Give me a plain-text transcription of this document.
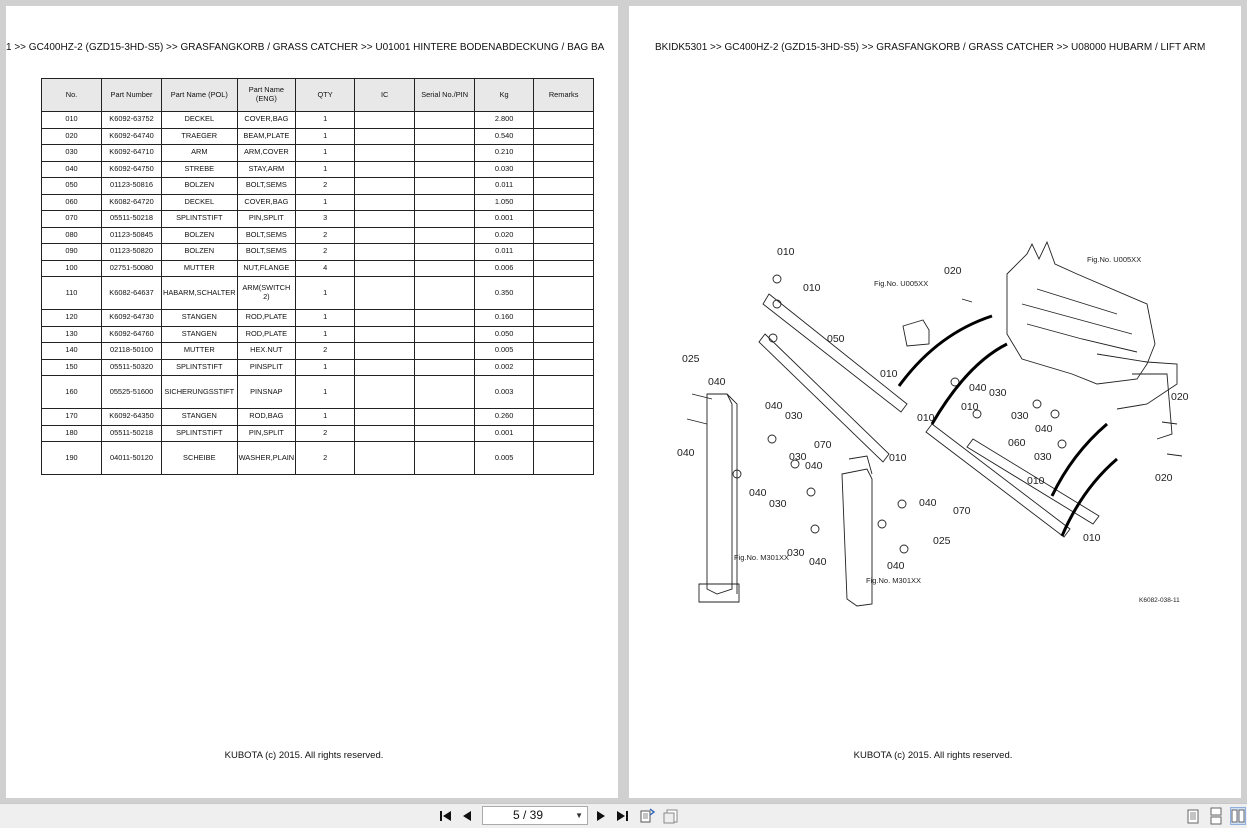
1 >> GC400HZ-2 (GZD15-3HD-S5) >> GRASFANGKORB / GRASS CATCHER >> U01001 HINTERE BODENABDECKUNG / BAG BA
No.	Part Number	Part Name (POL)	Part Name (ENG)	QTY	IC	Serial No./PIN	Kg	Remarks
010	K6092-63752	DECKEL	COVER,BAG	1			2.800	
020	K6092-64740	TRAEGER	BEAM,PLATE	1			0.540	
030	K6092-64710	ARM	ARM,COVER	1			0.210	
040	K6092-64750	STREBE	STAY,ARM	1			0.030	
050	01123-50816	BOLZEN	BOLT,SEMS	2			0.011	
060	K6082-64720	DECKEL	COVER,BAG	1			1.050	
070	05511-50218	SPLINTSTIFT	PIN,SPLIT	3			0.001	
080	01123-50845	BOLZEN	BOLT,SEMS	2			0.020	
090	01123-50820	BOLZEN	BOLT,SEMS	2			0.011	
100	02751-50080	MUTTER	NUT,FLANGE	4			0.006	
110	K6082-64637	HABARM,SCHALTER	ARM(SWITCH 2)	1			0.350	
120	K6092-64730	STANGEN	ROD,PLATE	1			0.160	
130	K6092-64760	STANGEN	ROD,PLATE	1			0.050	
140	02118-50100	MUTTER	HEX.NUT	2			0.005	
150	05511-50320	SPLINTSTIFT	PINSPLIT	1			0.002	
160	05525-51600	SICHERUNGSSTIFT	PINSNAP	1			0.003	
170	K6092-64350	STANGEN	ROD,BAG	1			0.260	
180	05511-50218	SPLINTSTIFT	PIN,SPLIT	2			0.001	
190	04011-50120	SCHEIBE	WASHER,PLAIN	2			0.005	
KUBOTA (c) 2015. All rights reserved.
BKIDK5301 >> GC400HZ-2 (GZD15-3HD-S5) >> GRASFANGKORB / GRASS CATCHER >> U08000 HUBARM / LIFT ARM
010
010
010
010
010
010
010
010
020
020
020
025
025
030
030
030
030
030
030
030
040
040
040
040
040
040	040
040
040
040
050
060
070
070
Fig.No. U005XX
Fig.No. U005XX
Fig.No. M301XX
Fig.No. M301XX
K6082-038-11
KUBOTA (c) 2015. All rights reserved.
5 / 39	▼
